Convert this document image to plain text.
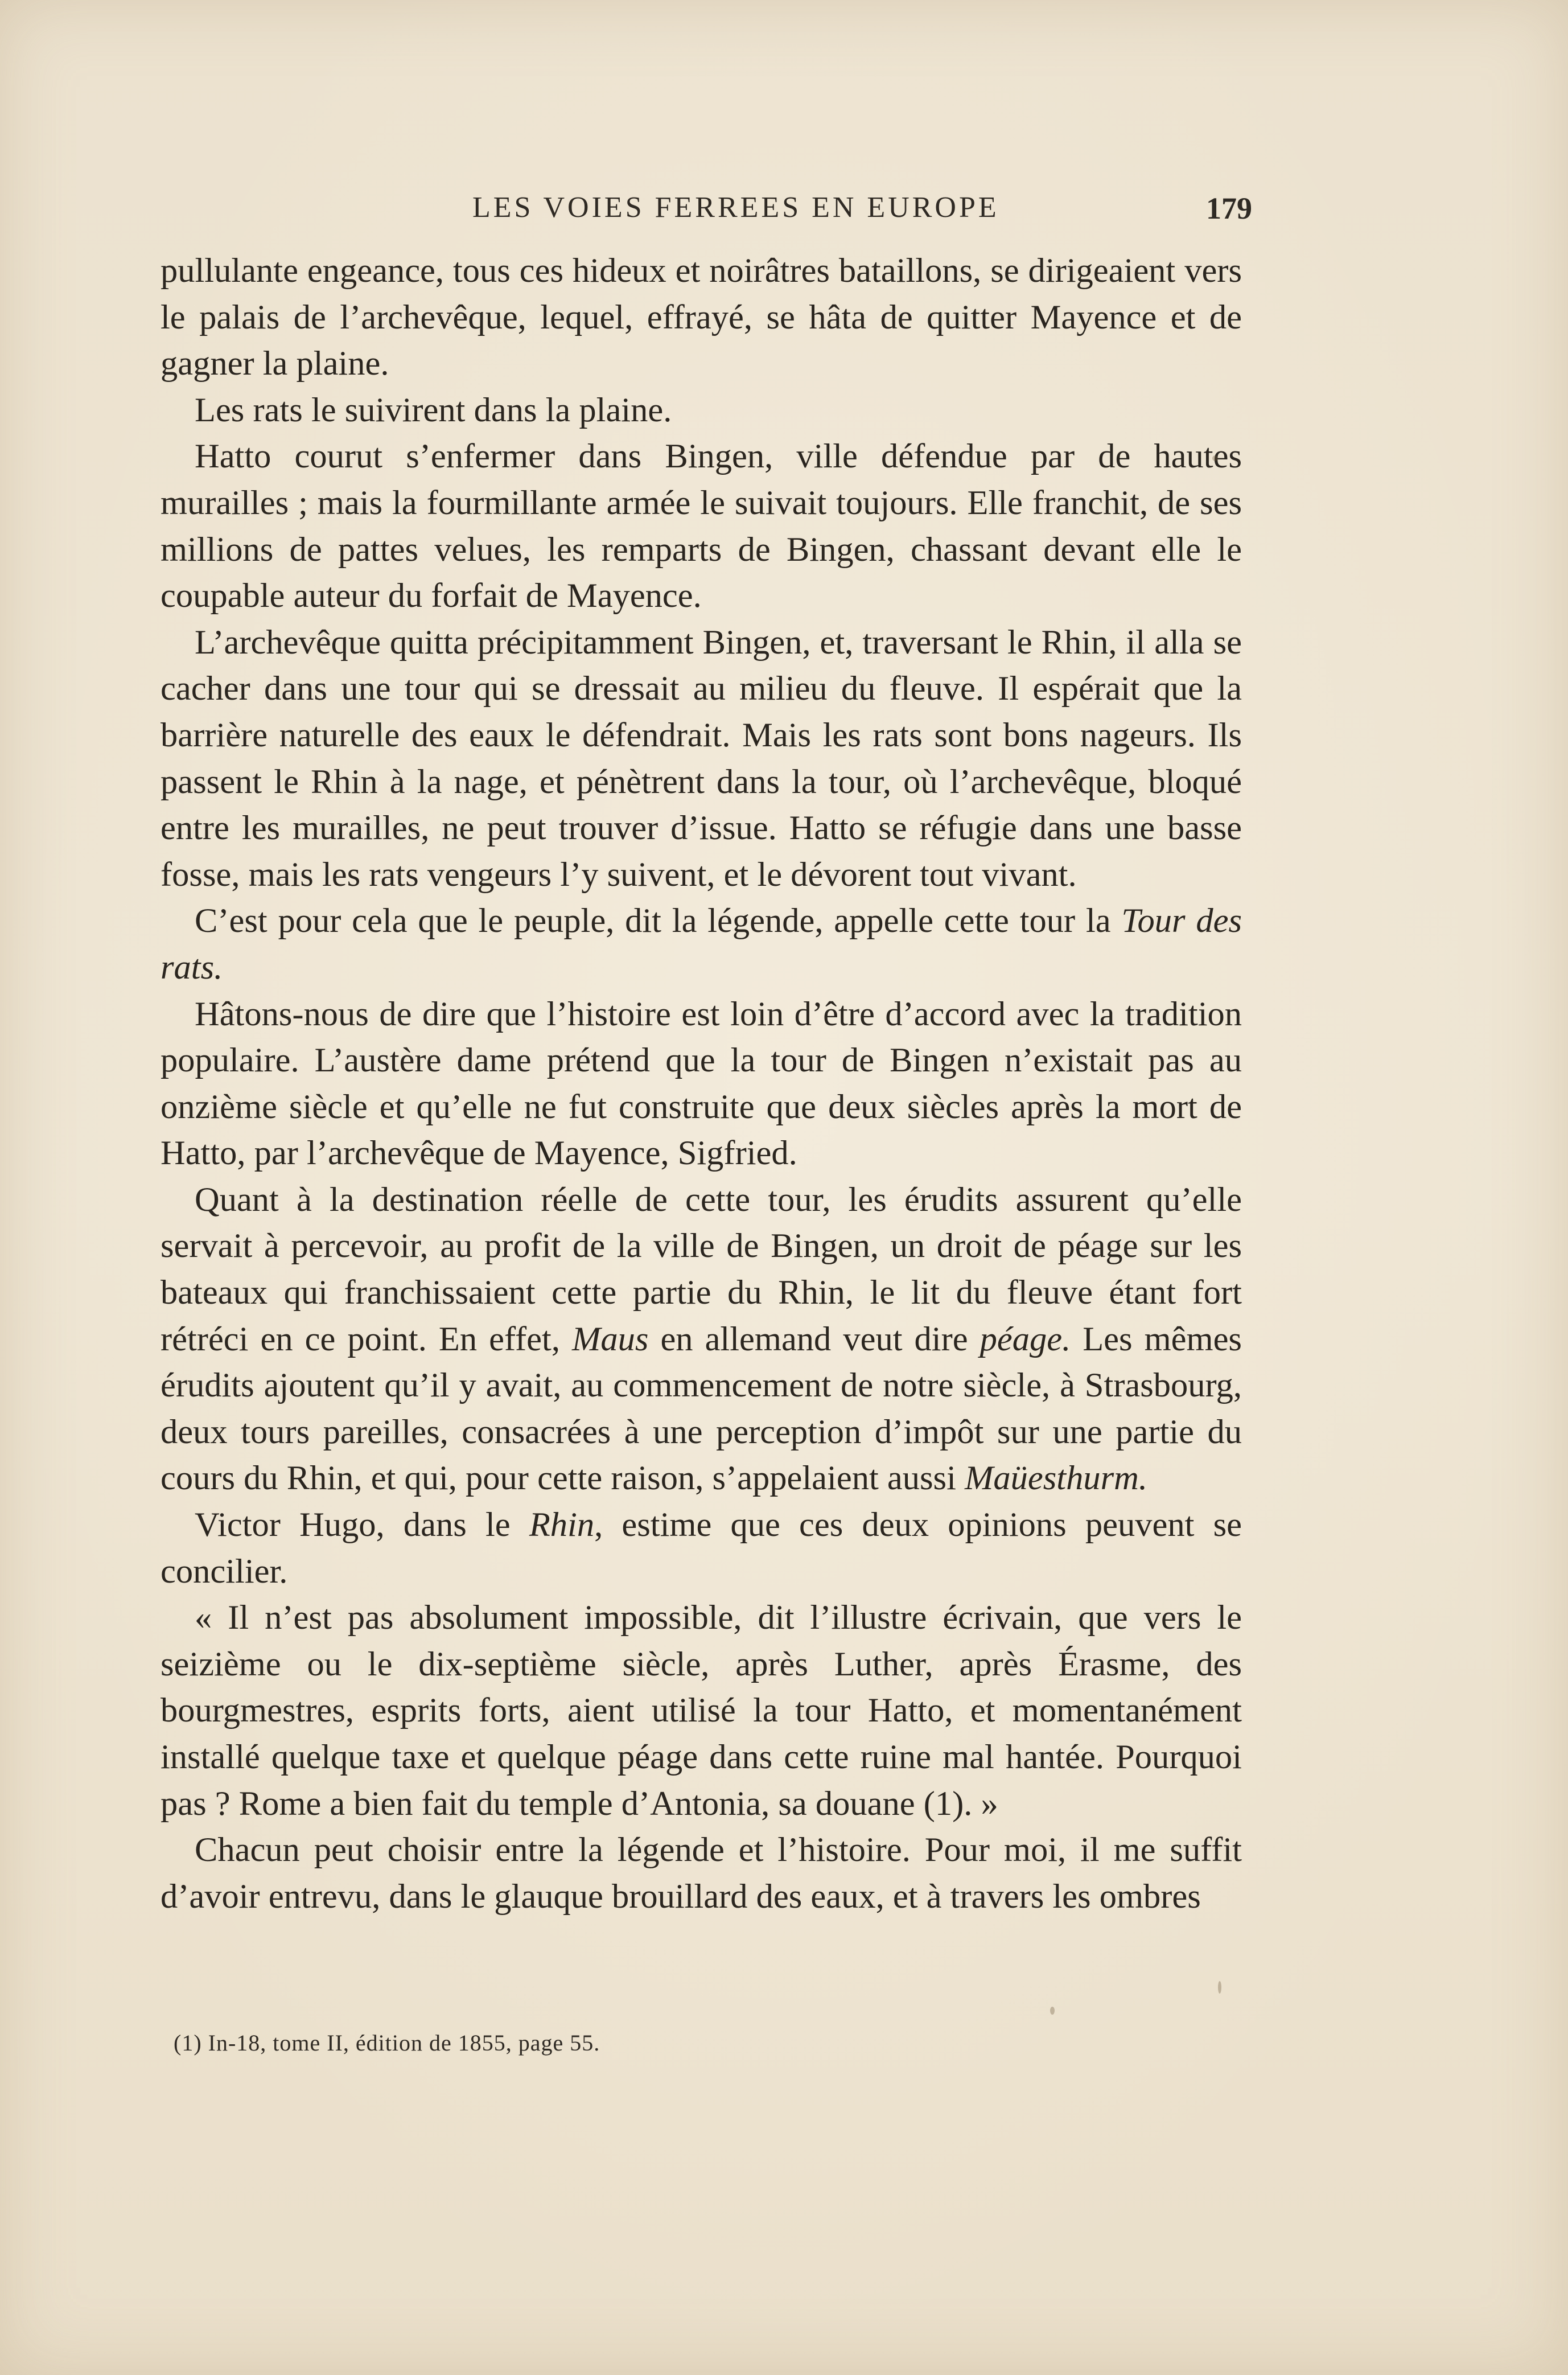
LES VOIES FERREES EN EUROPE	179

pullulante engeance, tous ces hideux et noirâtres bataillons, se dirigeaient vers le palais de l’archevêque, lequel, effrayé, se hâta de quitter Mayence et de gagner la plaine.

Les rats le suivirent dans la plaine.

Hatto courut s’enfermer dans Bingen, ville défendue par de hautes murailles ; mais la fourmillante armée le suivait toujours. Elle franchit, de ses millions de pattes velues, les remparts de Bingen, chassant devant elle le coupable auteur du forfait de Mayence.

L’archevêque quitta précipitamment Bingen, et, traversant le Rhin, il alla se cacher dans une tour qui se dressait au milieu du fleuve. Il espérait que la barrière naturelle des eaux le défendrait. Mais les rats sont bons nageurs. Ils passent le Rhin à la nage, et pénètrent dans la tour, où l’archevêque, bloqué entre les murailles, ne peut trouver d’issue. Hatto se réfugie dans une basse fosse, mais les rats vengeurs l’y suivent, et le dévorent tout vivant.

C’est pour cela que le peuple, dit la légende, appelle cette tour la Tour des rats.

Hâtons-nous de dire que l’histoire est loin d’être d’accord avec la tradition populaire. L’austère dame prétend que la tour de Bingen n’existait pas au onzième siècle et qu’elle ne fut construite que deux siècles après la mort de Hatto, par l’archevêque de Mayence, Sigfried.

Quant à la destination réelle de cette tour, les érudits assurent qu’elle servait à percevoir, au profit de la ville de Bingen, un droit de péage sur les bateaux qui franchissaient cette partie du Rhin, le lit du fleuve étant fort rétréci en ce point. En effet, Maus en allemand veut dire péage. Les mêmes érudits ajoutent qu’il y avait, au commencement de notre siècle, à Strasbourg, deux tours pareilles, consacrées à une perception d’impôt sur une partie du cours du Rhin, et qui, pour cette raison, s’appelaient aussi Maüesthurm.

Victor Hugo, dans le Rhin, estime que ces deux opinions peuvent se concilier.

« Il n’est pas absolument impossible, dit l’illustre écrivain, que vers le seizième ou le dix-septième siècle, après Luther, après Érasme, des bourgmestres, esprits forts, aient utilisé la tour Hatto, et momentanément installé quelque taxe et quelque péage dans cette ruine mal hantée. Pourquoi pas ? Rome a bien fait du temple d’Antonia, sa douane (1). »

Chacun peut choisir entre la légende et l’histoire. Pour moi, il me suffit d’avoir entrevu, dans le glauque brouillard des eaux, et à travers les ombres

(1) In-18, tome II, édition de 1855, page 55.
